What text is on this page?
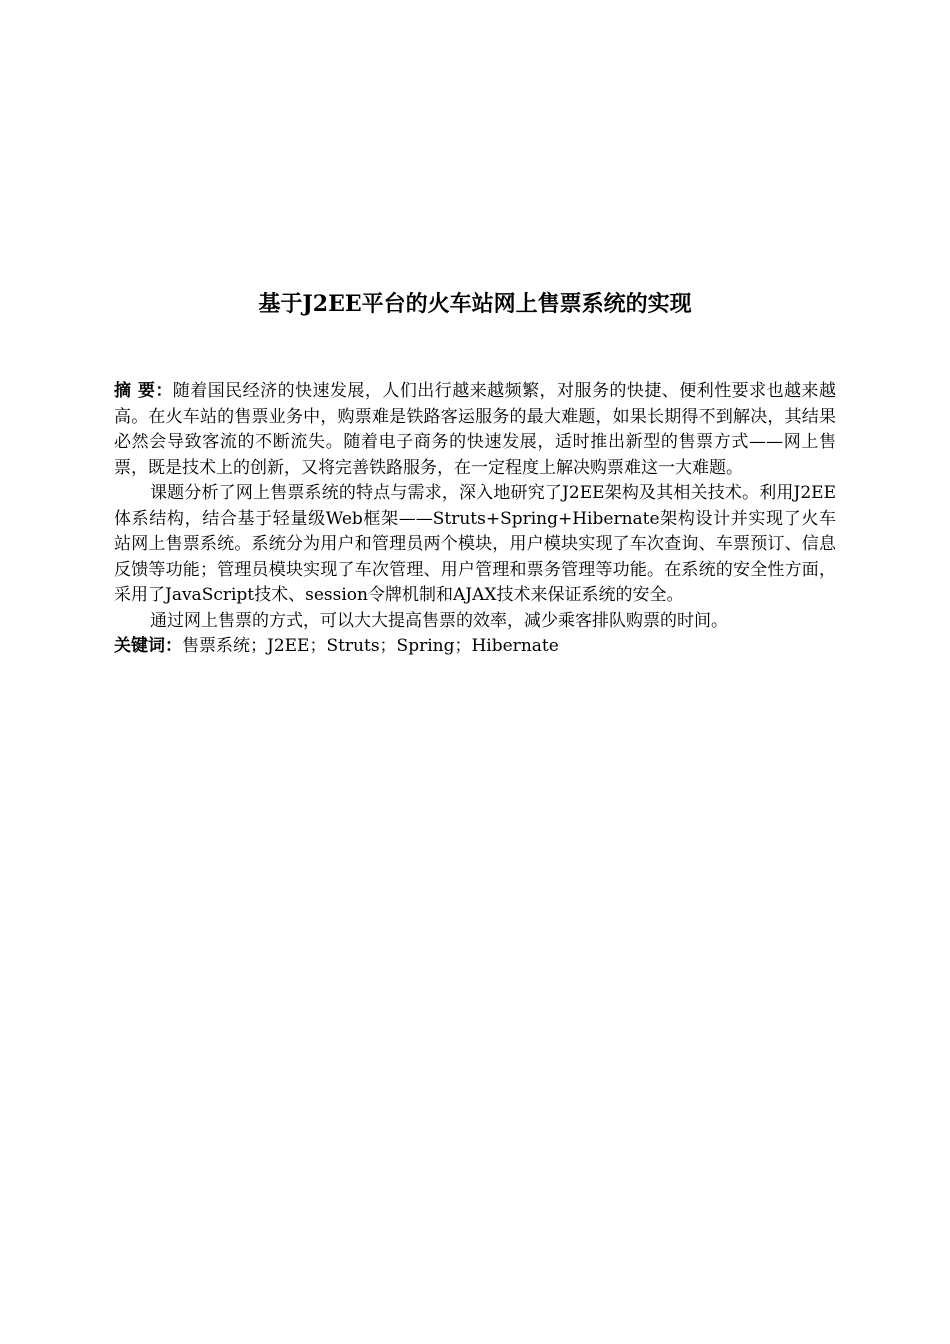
基于J2EE平台的火车站网上售票系统的实现

摘 要：随着国民经济的快速发展，人们出行越来越频繁，对服务的快捷、便利性要求也越来越高。在火车站的售票业务中，购票难是铁路客运服务的最大难题，如果长期得不到解决，其结果必然会导致客流的不断流失。随着电子商务的快速发展，适时推出新型的售票方式——网上售票，既是技术上的创新，又将完善铁路服务，在一定程度上解决购票难这一大难题。

课题分析了网上售票系统的特点与需求，深入地研究了J2EE架构及其相关技术。利用J2EE体系结构，结合基于轻量级Web框架——Struts+Spring+Hibernate架构设计并实现了火车站网上售票系统。系统分为用户和管理员两个模块，用户模块实现了车次查询、车票预订、信息反馈等功能；管理员模块实现了车次管理、用户管理和票务管理等功能。在系统的安全性方面，采用了JavaScript技术、session令牌机制和AJAX技术来保证系统的安全。

通过网上售票的方式，可以大大提高售票的效率，减少乘客排队购票的时间。

关键词：售票系统；J2EE；Struts；Spring；Hibernate
